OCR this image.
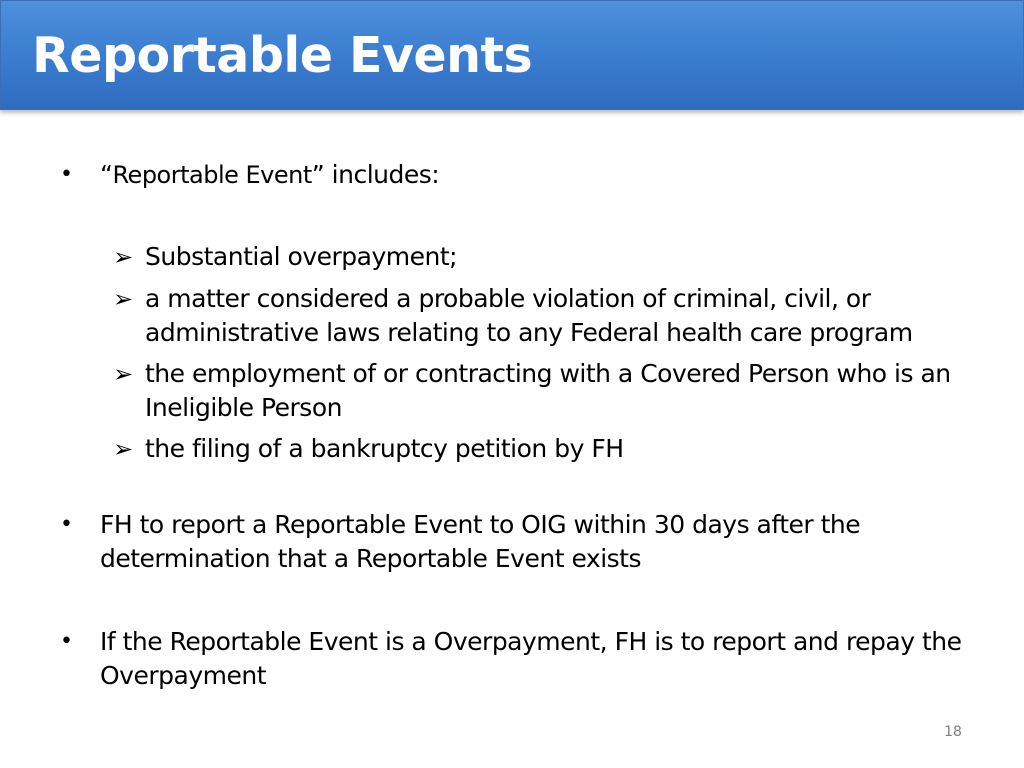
Reportable Events
• “Reportable Event” includes:
➢ Substantial overpayment;
➢ a matter considered a probable violation of criminal, civil, or administrative laws relating to any Federal health care program
➢ the employment of or contracting with a Covered Person who is an Ineligible Person
➢ the filing of a bankruptcy petition by FH
• FH to report a Reportable Event to OIG within 30 days after the determination that a Reportable Event exists
• If the Reportable Event is a Overpayment, FH is to report and repay the Overpayment
18
